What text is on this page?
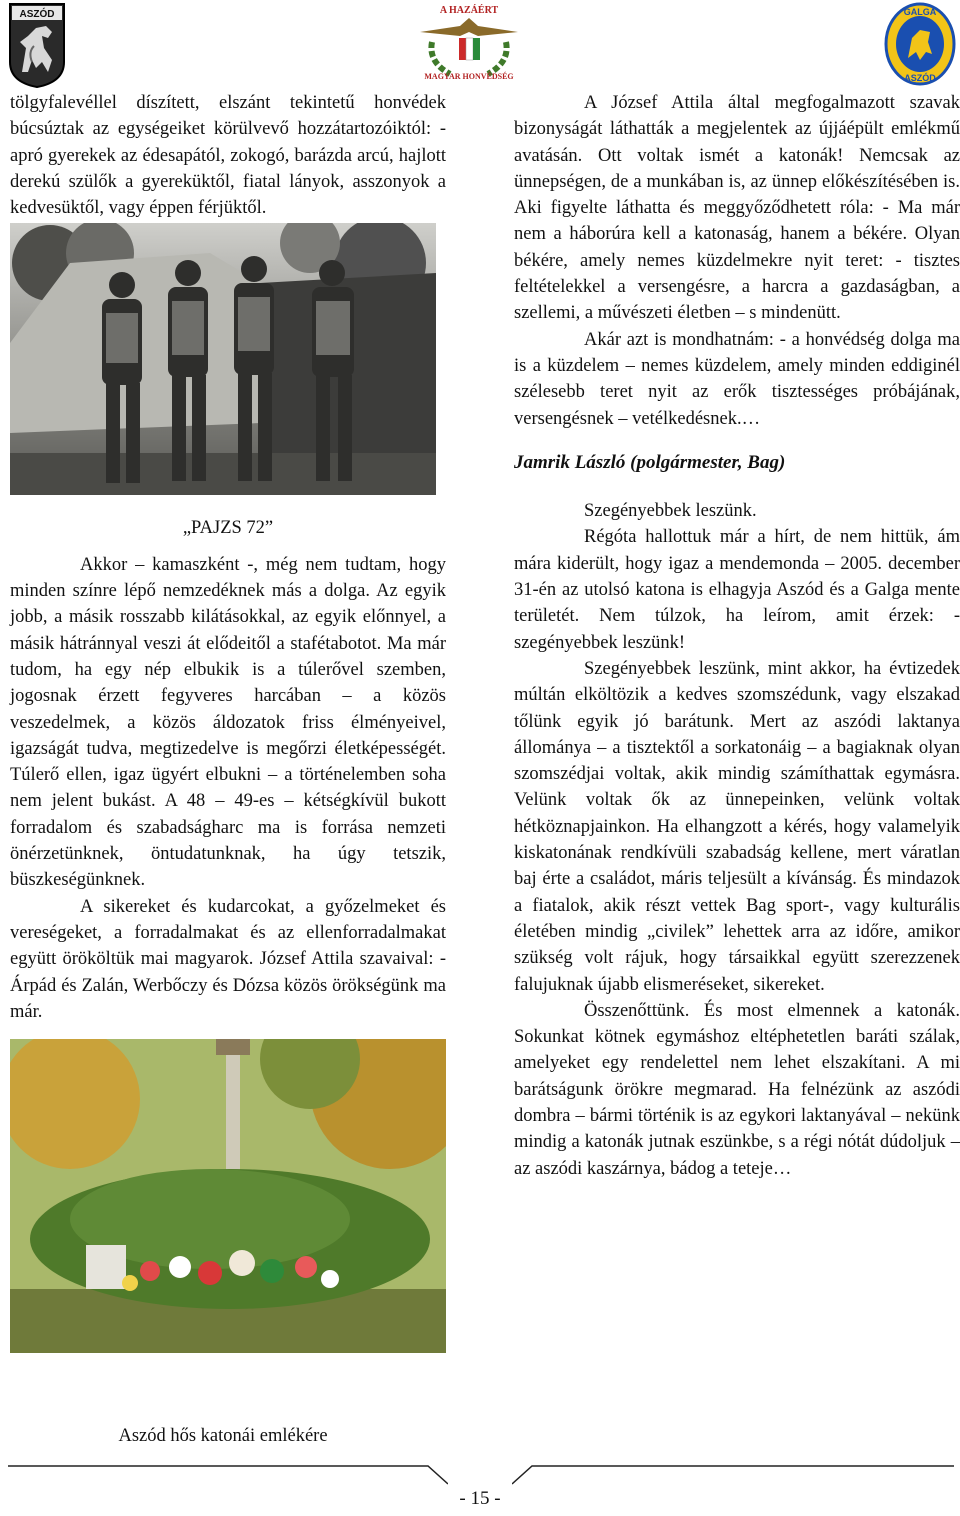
ASZÓD	A HAZÁÉRT
MAGYAR HONVÉDSÉG
GALGA
ASZÓD

tölgyfalevéllel díszített, elszánt tekintetű honvédek búcsúztak az egységeiket körülvevő hozzátartozóiktól: - apró gyerekek az édesapától, zokogó, barázda arcú, hajlott derekú szülők a gyereküktől, fiatal lányok, asszonyok a kedvesüktől, vagy éppen férjüktől.

„PAJZS 72”

Akkor – kamaszként -, még nem tudtam, hogy minden színre lépő nemzedéknek más a dolga. Az egyik jobb, a másik rosszabb kilátásokkal, az egyik előnnyel, a másik hátránnyal veszi át elődeitől a stafétabotot. Ma már tudom, ha egy nép elbukik is a túlerővel szemben, jogosnak érzett fegyveres harcában – a közös veszedelmek, a közös áldozatok friss élményeivel, igazságát tudva, megtizedelve is megőrzi életképességét. Túlerő ellen, igaz ügyért elbukni – a történelemben soha nem jelent bukást. A 48 – 49-es – kétségkívül bukott forradalom és szabadságharc ma is forrása nemzeti önérzetünknek, öntudatunknak, ha úgy tetszik, büszkeségünknek.

A sikereket és kudarcokat, a győzelmeket és vereségeket, a forradalmakat és az ellenforradalmakat együtt örököltük mai magyarok. József Attila szavaival: - Árpád és Zalán, Werbőczy és Dózsa közös örökségünk ma már.

Aszód hős katonái emlékére

A József Attila által megfogalmazott szavak bizonyságát láthatták a megjelentek az újjáépült emlékmű avatásán. Ott voltak ismét a katonák! Nemcsak az ünnepségen, de a munkában is, az ünnep előkészítésében is. Aki figyelte láthatta és meggyőződhetett róla: - Ma már nem a háborúra kell a katonaság, hanem a békére. Olyan békére, amely nemes küzdelmekre nyit teret: - tisztes feltételekkel a versengésre, a harcra a gazdaságban, a szellemi, a művészeti életben – s mindenütt.

Akár azt is mondhatnám: - a honvédség dolga ma is a küzdelem – nemes küzdelem, amely minden eddiginél szélesebb teret nyit az erők tisztességes próbájának, versengésnek – vetélkedésnek.…

Jamrik László (polgármester, Bag)

Szegényebbek leszünk.

Régóta hallottuk már a hírt, de nem hittük, ám mára kiderült, hogy igaz a mendemonda – 2005. december 31-én az utolsó katona is elhagyja Aszód és a Galga mente területét. Nem túlzok, ha leírom, amit érzek: - szegényebbek leszünk!

Szegényebbek leszünk, mint akkor, ha évtizedek múltán elköltözik a kedves szomszédunk, vagy elszakad tőlünk egyik jó barátunk. Mert az aszódi laktanya állománya – a tisztektől a sorkatonáig – a bagiaknak olyan szomszédjai voltak, akik mindig számíthattak egymásra. Velünk voltak ők az ünnepeinken, velünk voltak hétköznapjainkon. Ha elhangzott a kérés, hogy valamelyik kiskatonának rendkívüli szabadság kellene, mert váratlan baj érte a családot, máris teljesült a kívánság. És mindazok a fiatalok, akik részt vettek Bag sport-, vagy kulturális életében mindig „civilek” lehettek arra az időre, amikor szükség volt rájuk, hogy társaikkal együtt szerezzenek falujuknak újabb elismeréseket, sikereket.

Összenőttünk. És most elmennek a katonák. Sokunkat kötnek egymáshoz eltéphetetlen baráti szálak, amelyeket egy rendelettel nem lehet elszakítani. A mi barátságunk örökre megmarad. Ha felnézünk az aszódi dombra – bármi történik is az egykori laktanyával – nekünk mindig a katonák jutnak eszünkbe, s a régi nótát dúdoljuk – az aszódi kaszárnya, bádog a teteje…

- 15 -
